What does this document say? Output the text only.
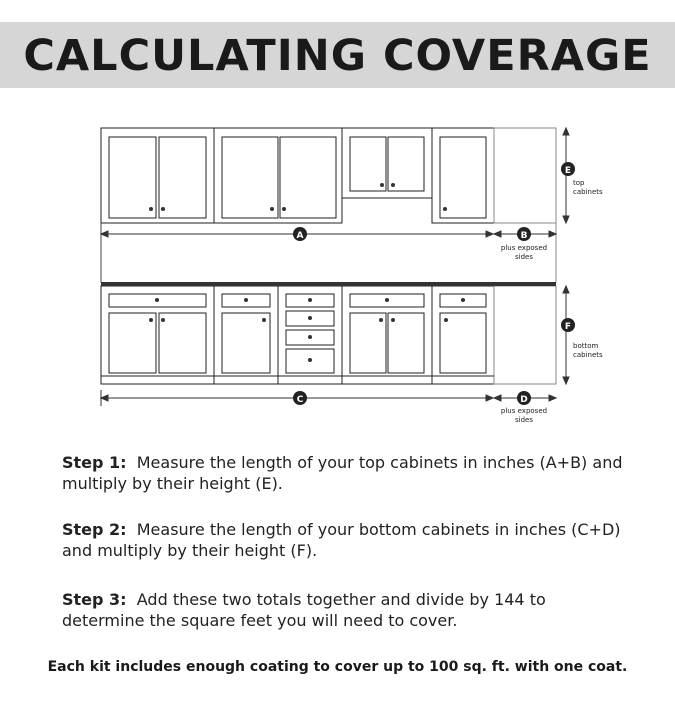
CALCULATING COVERAGE
A	B
plus exposed
sides
E
top
cabinets
C	D
plus exposed
sides
F
bottom
cabinets
Step 1: Measure the length of your top cabinets in inches (A+B) and multiply by their height (E).
Step 2: Measure the length of your bottom cabinets in inches (C+D) and multiply by their height (F).
Step 3: Add these two totals together and divide by 144 to determine the square feet you will need to cover.
Each kit includes enough coating to cover up to 100 sq. ft. with one coat.
